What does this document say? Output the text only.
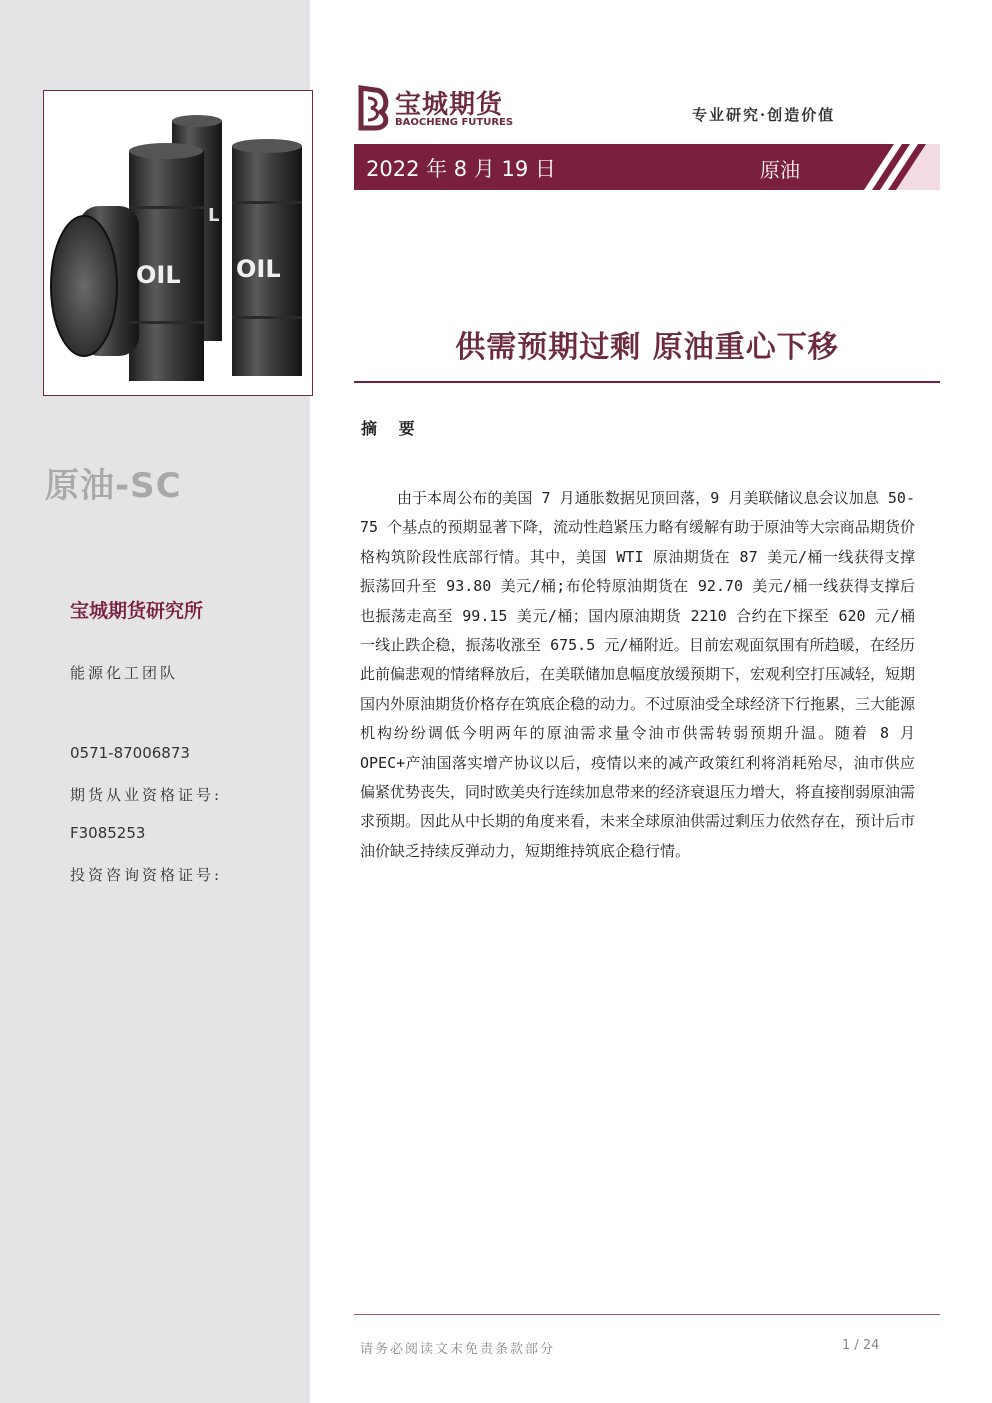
OIL OIL
L
原油-SC
宝城期货研究所
能源化工团队
0571-87006873
期货从业资格证号:
F3085253
投资咨询资格证号:
宝城期货
BAOCHENG FUTURES	专业研究·创造价值
2022 年 8 月 19 日	原油
供需预期过剩 原油重心下移
摘 要

由于本周公布的美国 7 月通胀数据见顶回落，9 月美联储议息会议加息 50-75 个基点的预期显著下降，流动性趋紧压力略有缓解有助于原油等大宗商品期货价格构筑阶段性底部行情。其中，美国 WTI 原油期货在 87 美元/桶一线获得支撑振荡回升至 93.80 美元/桶;布伦特原油期货在 92.70 美元/桶一线获得支撑后也振荡走高至 99.15 美元/桶；国内原油期货 2210 合约在下探至 620 元/桶一线止跌企稳，振荡收涨至 675.5 元/桶附近。目前宏观面氛围有所趋暖，在经历此前偏悲观的情绪释放后，在美联储加息幅度放缓预期下，宏观利空打压减轻，短期国内外原油期货价格存在筑底企稳的动力。不过原油受全球经济下行拖累，三大能源机构纷纷调低今明两年的原油需求量令油市供需转弱预期升温。随着 8 月 OPEC+产油国落实增产协议以后，疫情以来的减产政策红利将消耗殆尽，油市供应偏紧优势丧失，同时欧美央行连续加息带来的经济衰退压力增大，将直接削弱原油需求预期。因此从中长期的角度来看，未来全球原油供需过剩压力依然存在，预计后市油价缺乏持续反弹动力，短期维持筑底企稳行情。

请务必阅读文末免责条款部分	1 / 24
